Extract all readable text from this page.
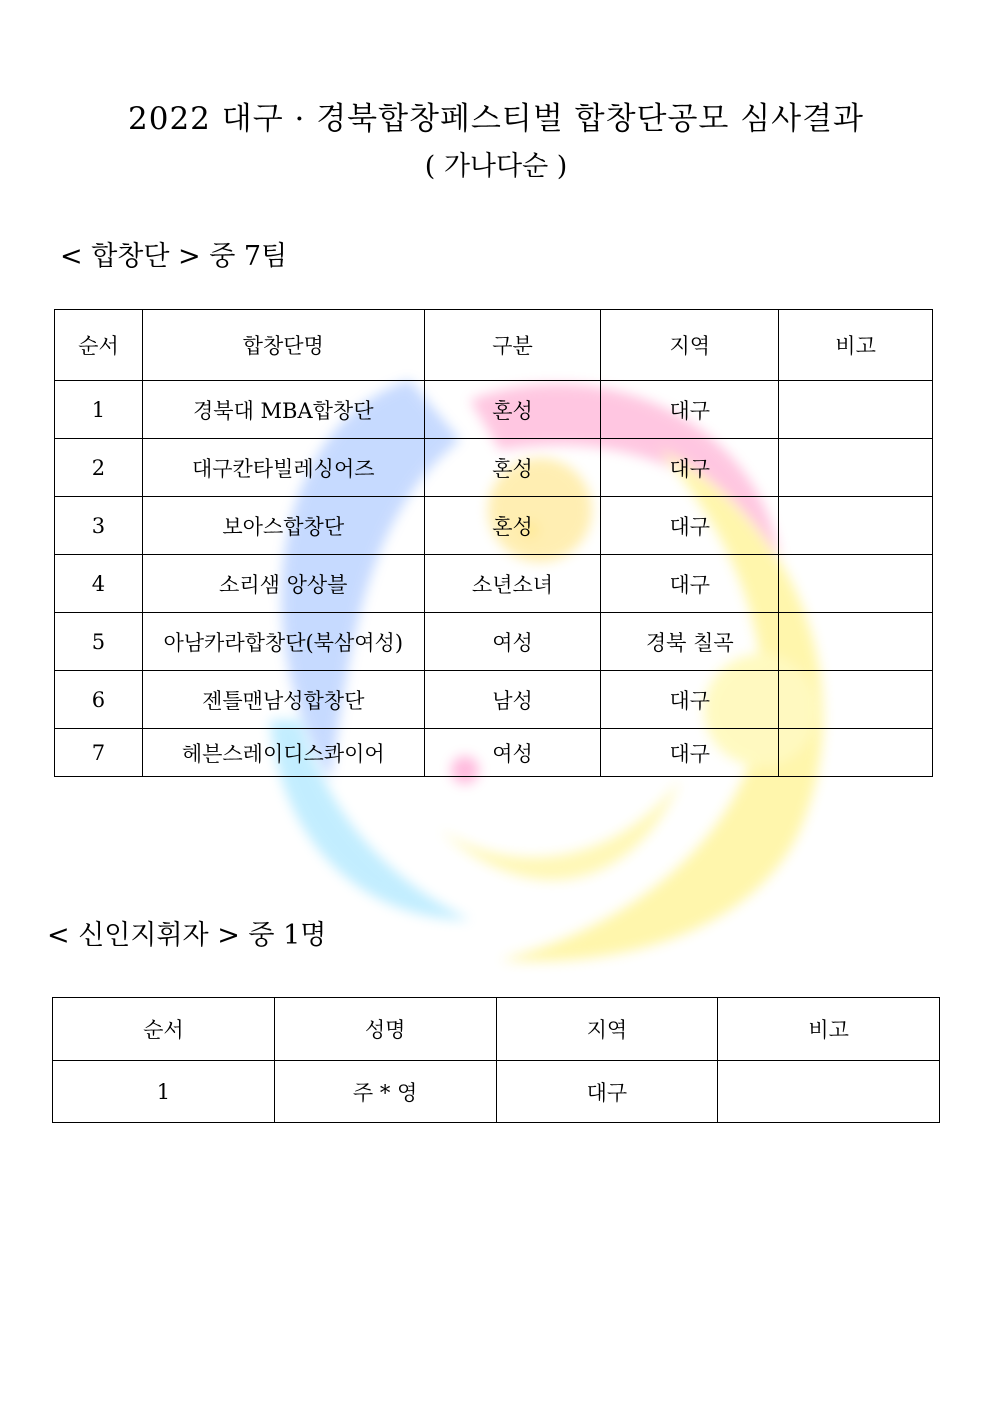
2022 대구 · 경북합창페스티벌 합창단공모 심사결과
( 가나다순 )
< 합창단 > 중 7팀
순서	합창단명	구분	지역	비고
1	경북대 MBA합창단	혼성	대구	
2	대구칸타빌레싱어즈	혼성	대구	
3	보아스합창단	혼성	대구	
4	소리샘 앙상블	소년소녀	대구	
5	아남카라합창단(북삼여성)	여성	경북 칠곡	
6	젠틀맨남성합창단	남성	대구	
7	헤븐스레이디스콰이어	여성	대구	
< 신인지휘자 > 중 1명
순서	성명	지역	비고
1	주 * 영	대구	
